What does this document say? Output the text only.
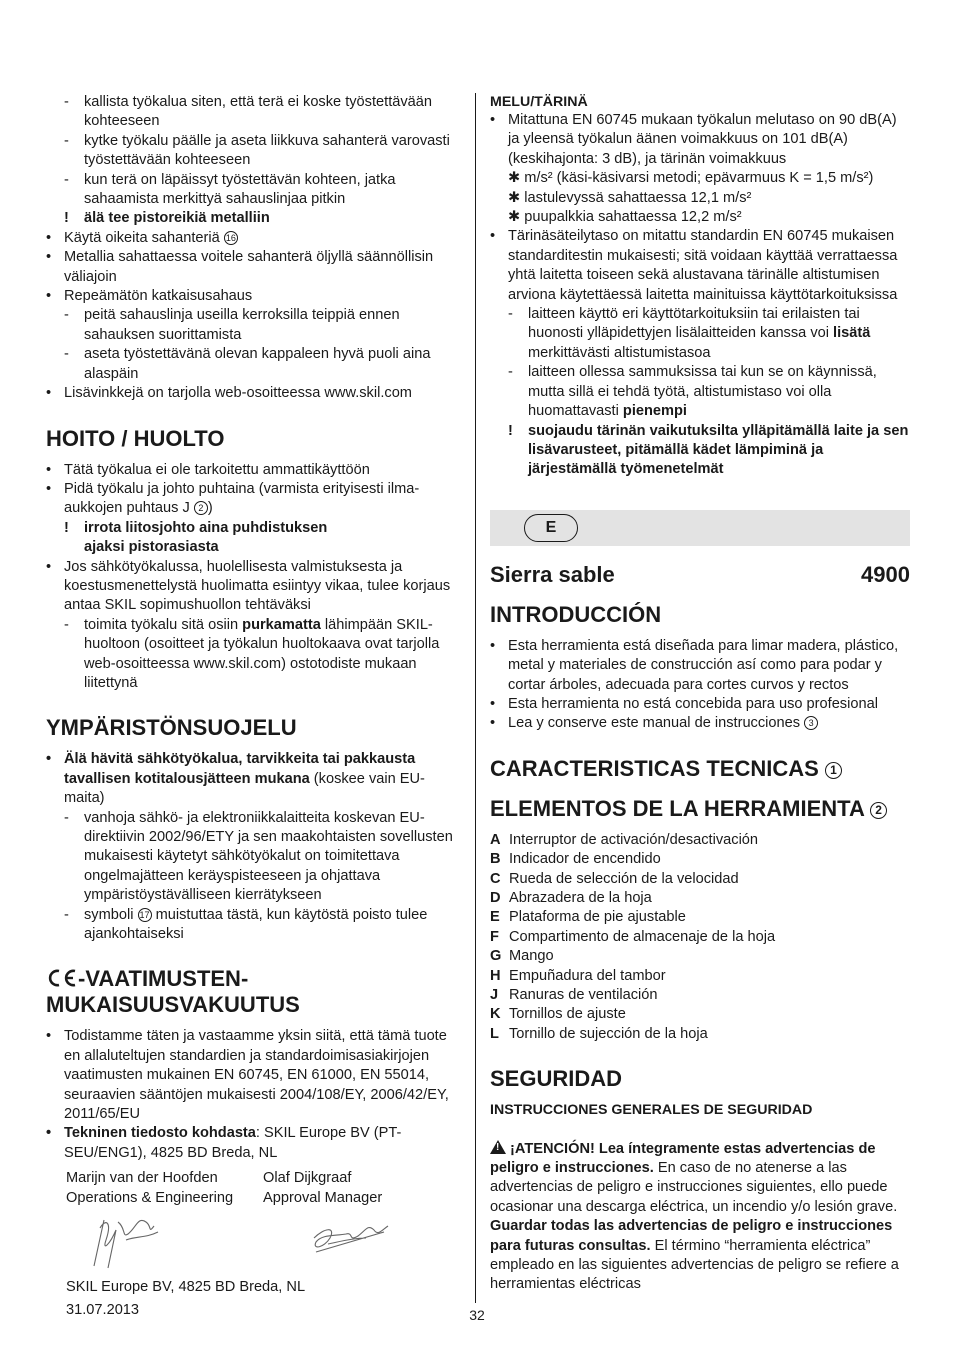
- kallista työkalua siten, että terä ei koske työstettävään kohteeseen
- kytke työkalu päälle ja aseta liikkuva sahanterä varovasti työstettävään kohteeseen
- kun terä on läpäissyt työstettävän kohteen, jatka sahaamista merkittyä sahauslinjaa pitkin
! älä tee pistoreikiä metalliin
• Käytä oikeita sahanteriä 16
• Metallia sahattaessa voitele sahanterä öljyllä säännöllisin väliajoin
• Repeämätön katkaisusahaus
- peitä sahauslinja useilla kerroksilla teippiä ennen sahauksen suorittamista
- aseta työstettävänä olevan kappaleen hyvä puoli aina alaspäin
• Lisävinkkejä on tarjolla web-osoitteessa www.skil.com
HOITO / HUOLTO
• Tätä työkalua ei ole tarkoitettu ammattikäyttöön
• Pidä työkalu ja johto puhtaina (varmista erityisesti ilma-aukkojen puhtaus J 2 )
! irrota liitosjohto aina puhdistuksen ajaksi pistorasiasta
• Jos sähkötyökalussa, huolellisesta valmistuksesta ja koestusmenettelystä huolimatta esiintyy vikaa, tulee korjaus antaa SKIL sopimushuollon tehtäväksi
- toimita työkalu sitä osiin purkamatta lähimpään SKIL-huoltoon (osoitteet ja työkalun huoltokaava ovat tarjolla web-osoitteessa www.skil.com) ostotodiste mukaan liitettynä
YMPÄRISTÖNSUOJELU
• Älä hävitä sähkötyökalua, tarvikkeita tai pakkausta tavallisen kotitalousjätteen mukana (koskee vain EU-maita)
- vanhoja sähkö- ja elektroniikkalaitteita koskevan EU-direktiivin 2002/96/ETY ja sen maakohtaisten sovellusten mukaisesti käytetyt sähkötyökalut on toimitettava ongelmajätteen keräyspisteeseen ja ohjattava ympäristöystävälliseen kierrätykseen
- symboli 17 muistuttaa tästä, kun käytöstä poisto tulee ajankohtaiseksi
-VAATIMUSTEN-
MUKAISUUSVAKUUTUS
• Todistamme täten ja vastaamme yksin siitä, että tämä tuote en allaluteltujen standardien ja standardoimisasiakirjojen vaatimusten mukainen EN 60745, EN 61000, EN 55014, seuraavien sääntöjen mukaisesti 2004/108/EY, 2006/42/EY, 2011/65/EU
• Tekninen tiedosto kohdasta: SKIL Europe BV (PT-SEU/ENG1), 4825 BD Breda, NL
Marijn van der Hoofden
Operations & Engineering
Olaf Dijkgraaf
Approval Manager
SKIL Europe BV, 4825 BD Breda, NL
31.07.2013
MELU/TÄRINÄ
• Mitattuna EN 60745 mukaan työkalun melutaso on 90 dB(A) ja yleensä työkalun äänen voimakkuus on 101 dB(A) (keskihajonta: 3 dB), ja tärinän voimakkuus
✱ m/s² (käsi-käsivarsi metodi; epävarmuus K = 1,5 m/s²)
✱ lastulevyssä sahattaessa 12,1 m/s²
✱ puupalkkia sahattaessa 12,2 m/s²
• Tärinäsäteilytaso on mitattu standardin EN 60745 mukaisen standarditestin mukaisesti; sitä voidaan käyttää verrattaessa yhtä laitetta toiseen sekä alustavana tärinälle altistumisen arviona käytettäessä laitetta mainituissa käyttötarkoituksissa
- laitteen käyttö eri käyttötarkoituksiin tai erilaisten tai huonosti ylläpidettyjen lisälaitteiden kanssa voi lisätä merkittävästi altistumistasoa
- laitteen ollessa sammuksissa tai kun se on käynnissä, mutta sillä ei tehdä työtä, altistumistaso voi olla huomattavasti pienempi
! suojaudu tärinän vaikutuksilta ylläpitämällä laite ja sen lisävarusteet, pitämällä kädet lämpiminä ja järjestämällä työmenetelmät
E
Sierra sable	4900
INTRODUCCIÓN
• Esta herramienta está diseñada para limar madera, plástico, metal y materiales de construcción así como para podar y cortar árboles, adecuada para cortes curvos y rectos
• Esta herramienta no está concebida para uso profesional
• Lea y conserve este manual de instrucciones 3
CARACTERISTICAS TECNICAS 1
ELEMENTOS DE LA HERRAMIENTA 2
A Interruptor de activación/desactivación
B Indicador de encendido
C Rueda de selección de la velocidad
D Abrazadera de la hoja
E Plataforma de pie ajustable
F Compartimento de almacenaje de la hoja
G Mango
H Empuñadura del tambor
J Ranuras de ventilación
K Tornillos de ajuste
L Tornillo de sujección de la hoja
SEGURIDAD
INSTRUCCIONES GENERALES DE SEGURIDAD
! ¡ATENCIÓN! Lea íntegramente estas advertencias de peligro e instrucciones. En caso de no atenerse a las advertencias de peligro e instrucciones siguientes, ello puede ocasionar una descarga eléctrica, un incendio y/o lesión grave. Guardar todas las advertencias de peligro e instrucciones para futuras consultas. El término “herramienta eléctrica” empleado en las siguientes advertencias de peligro se refiere a herramientas eléctricas
32
